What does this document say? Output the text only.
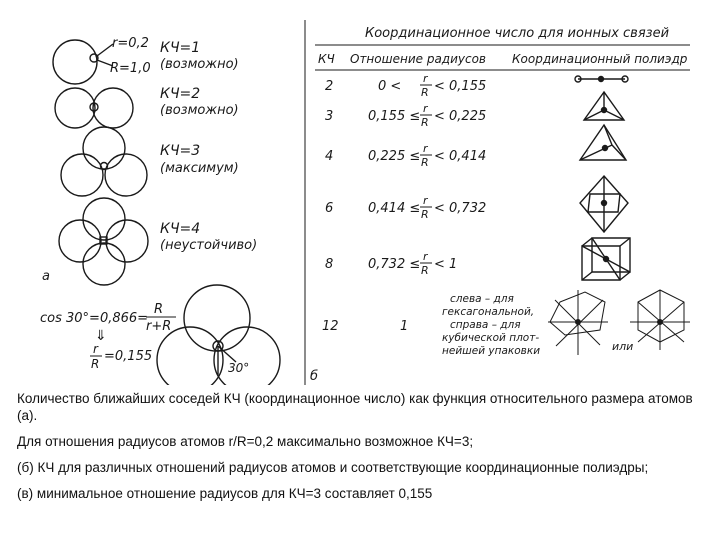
r=0,2
R=1,0
КЧ=1
(возможно)
КЧ=2
(возможно)
КЧ=3
(максимум)
КЧ=4
(неустойчиво)
а
cos 30°=0,866=
R
r+R
⇓
r
R =0,155
30°
Координационное число для ионных связей
КЧ Отношение радиусов Координационный полиэдр
2	0 <
r
R < 0,155
3	0,155 ≤
r
R < 0,225
4	0,225 ≤
r
R < 0,414
6	0,414 ≤
r
R < 0,732
8	0,732 ≤
r
R < 1
12	1
слева – для
гексагональной,
справа – для
кубической плот-
нейшей упаковки	или
б
Количество ближайших соседей КЧ (координационное число) как функция относительного размера атомов (а).
Для отношения радиусов атомов r/R=0,2 максимально возможное КЧ=3;
(б) КЧ для различных отношений радиусов атомов и соответствующие координационные полиэдры;
(в) минимальное отношение радиусов для КЧ=3 составляет 0,155
